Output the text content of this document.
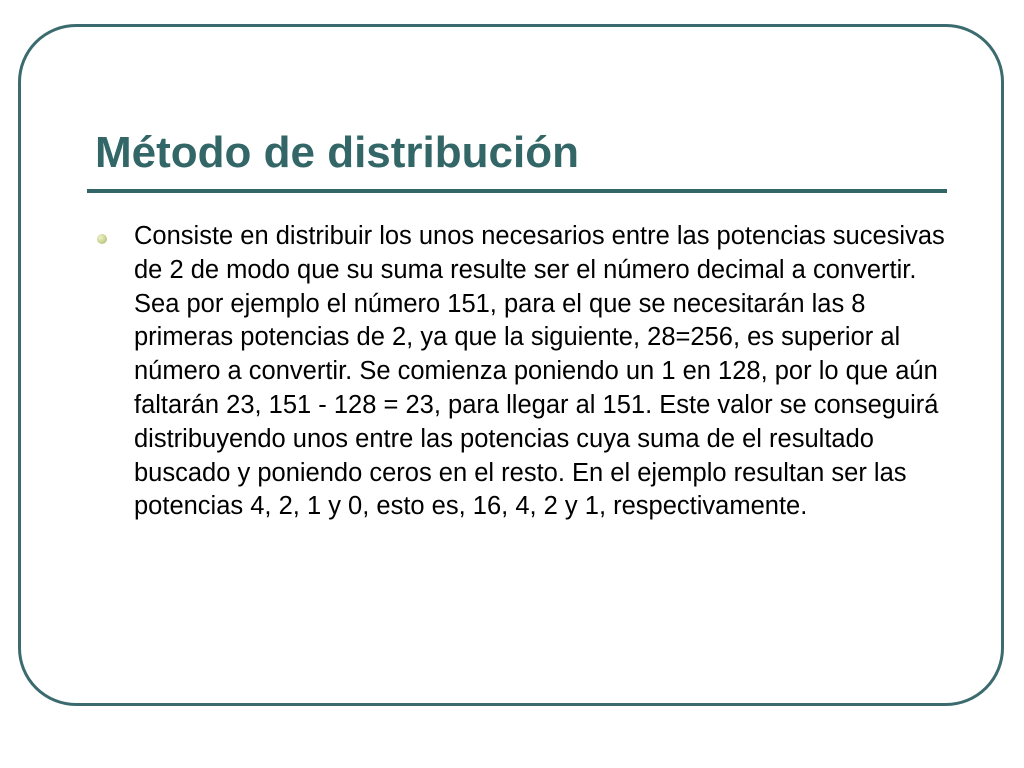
Método de distribución

Consiste en distribuir los unos necesarios entre las potencias sucesivas de 2 de modo que su suma resulte ser el número decimal a convertir. Sea por ejemplo el número 151, para el que se necesitarán las 8 primeras potencias de 2, ya que la siguiente, 28=256, es superior al número a convertir. Se comienza poniendo un 1 en 128, por lo que aún faltarán 23, 151 - 128 = 23, para llegar al 151. Este valor se conseguirá distribuyendo unos entre las potencias cuya suma de el resultado buscado y poniendo ceros en el resto. En el ejemplo resultan ser las potencias 4, 2, 1 y 0, esto es, 16, 4, 2 y 1, respectivamente.
